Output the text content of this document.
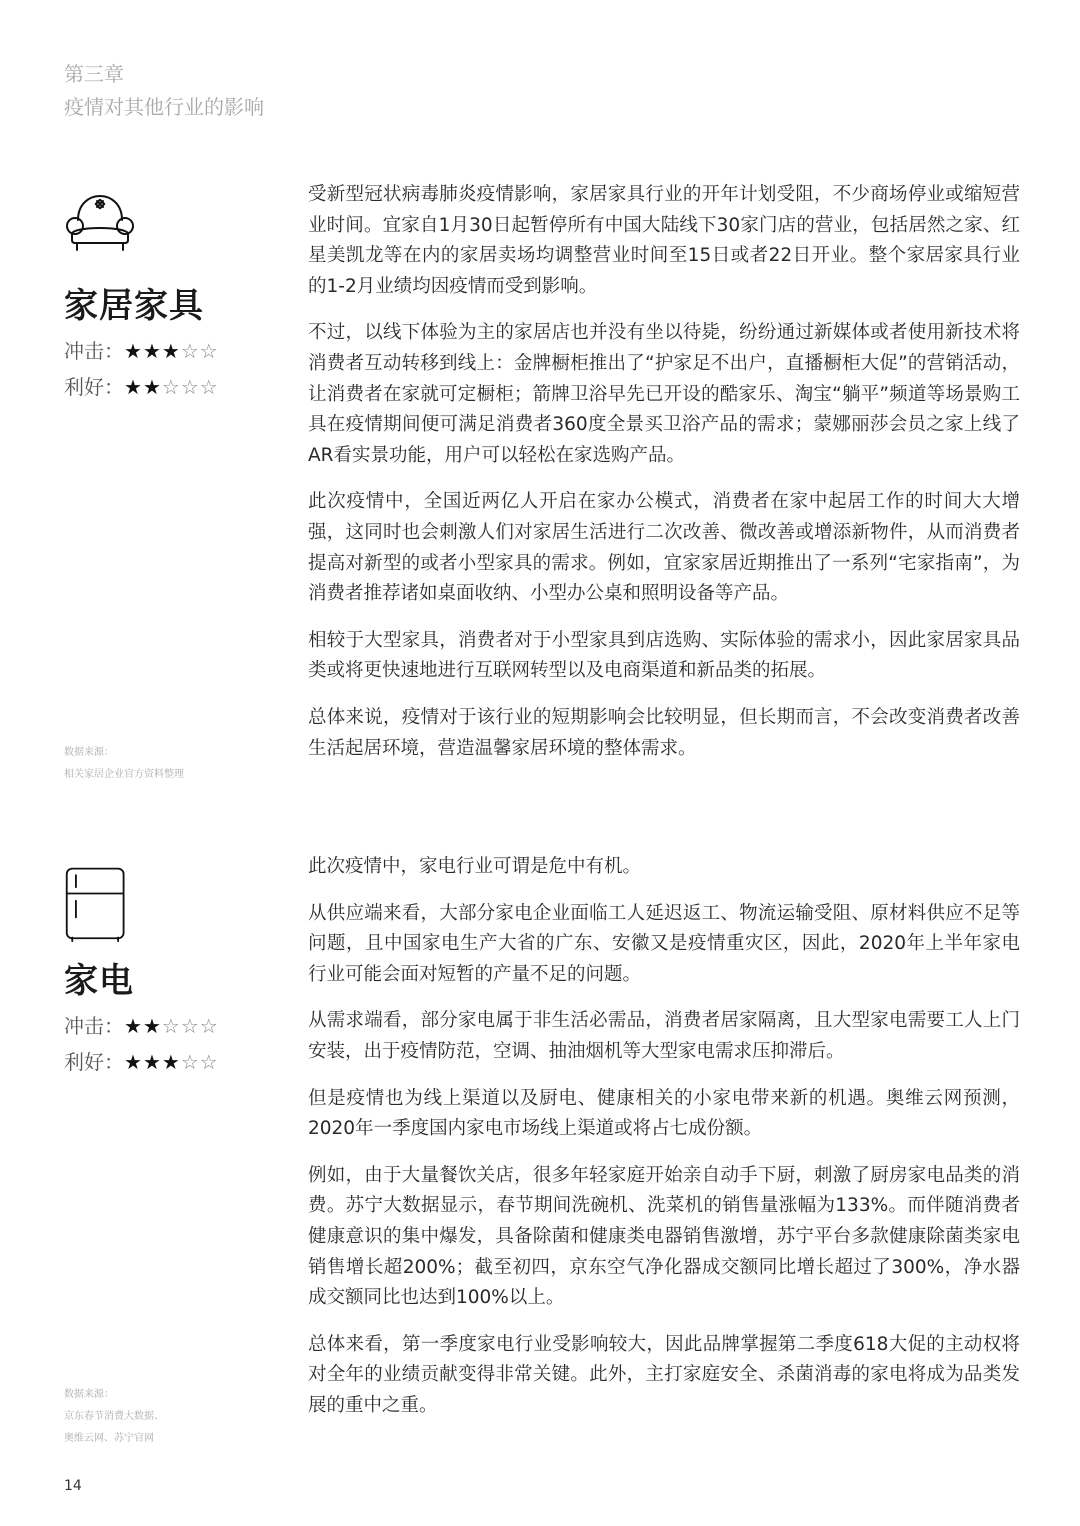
第三章
疫情对其他行业的影响
家居家具
冲击：★★★☆☆
利好：★★☆☆☆
数据来源：
相关家居企业官方资料整理

受新型冠状病毒肺炎疫情影响，家居家具行业的开年计划受阻，不少商场停业或缩短营业时间。宜家自1月30日起暂停所有中国大陆线下30家门店的营业，包括居然之家、红星美凯龙等在内的家居卖场均调整营业时间至15日或者22日开业。整个家居家具行业的1-2月业绩均因疫情而受到影响。

不过，以线下体验为主的家居店也并没有坐以待毙，纷纷通过新媒体或者使用新技术将消费者互动转移到线上：金牌橱柜推出了“护家足不出户，直播橱柜大促”的营销活动，让消费者在家就可定橱柜；箭牌卫浴早先已开设的酷家乐、淘宝“躺平”频道等场景购工具在疫情期间便可满足消费者360度全景买卫浴产品的需求；蒙娜丽莎会员之家上线了AR看实景功能，用户可以轻松在家选购产品。

此次疫情中，全国近两亿人开启在家办公模式，消费者在家中起居工作的时间大大增强，这同时也会刺激人们对家居生活进行二次改善、微改善或增添新物件，从而消费者提高对新型的或者小型家具的需求。例如，宜家家居近期推出了一系列“宅家指南”，为消费者推荐诸如桌面收纳、小型办公桌和照明设备等产品。

相较于大型家具，消费者对于小型家具到店选购、实际体验的需求小，因此家居家具品类或将更快速地进行互联网转型以及电商渠道和新品类的拓展。

总体来说，疫情对于该行业的短期影响会比较明显，但长期而言，不会改变消费者改善生活起居环境，营造温馨家居环境的整体需求。

家电
冲击：★★☆☆☆
利好：★★★☆☆
数据来源：
京东春节消费大数据、
奥维云网、苏宁官网

此次疫情中，家电行业可谓是危中有机。

从供应端来看，大部分家电企业面临工人延迟返工、物流运输受阻、原材料供应不足等问题，且中国家电生产大省的广东、安徽又是疫情重灾区，因此，2020年上半年家电行业可能会面对短暂的产量不足的问题。

从需求端看，部分家电属于非生活必需品，消费者居家隔离，且大型家电需要工人上门安装，出于疫情防范，空调、抽油烟机等大型家电需求压抑滞后。

但是疫情也为线上渠道以及厨电、健康相关的小家电带来新的机遇。奥维云网预测，2020年一季度国内家电市场线上渠道或将占七成份额。

例如，由于大量餐饮关店，很多年轻家庭开始亲自动手下厨，刺激了厨房家电品类的消费。苏宁大数据显示，春节期间洗碗机、洗菜机的销售量涨幅为133%。而伴随消费者健康意识的集中爆发，具备除菌和健康类电器销售激增，苏宁平台多款健康除菌类家电销售增长超200%；截至初四，京东空气净化器成交额同比增长超过了300%，净水器成交额同比也达到100%以上。

总体来看，第一季度家电行业受影响较大，因此品牌掌握第二季度618大促的主动权将对全年的业绩贡献变得非常关键。此外，主打家庭安全、杀菌消毒的家电将成为品类发展的重中之重。

14
